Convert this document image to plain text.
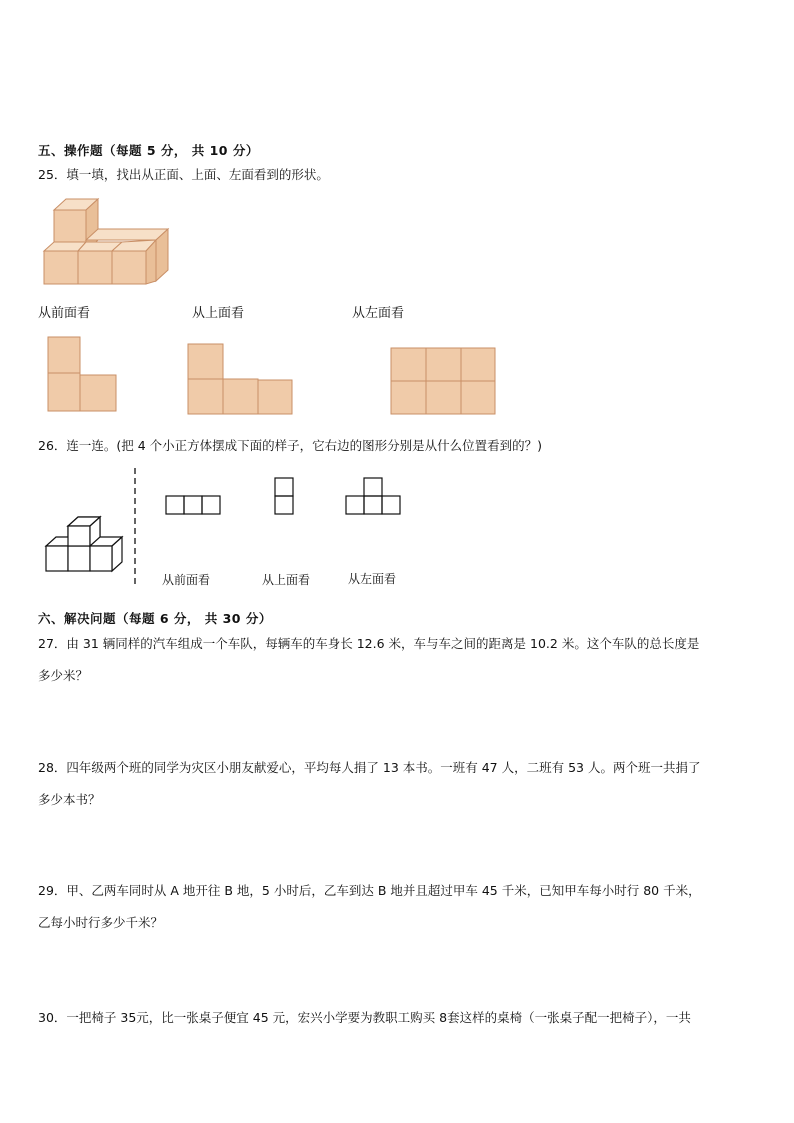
五、操作题（每题 5 分， 共 10 分）
25．填一填，找出从正面、上面、左面看到的形状。
从前面看	从上面看	从左面看
26．连一连。(把 4 个小正方体摆成下面的样子，它右边的图形分别是从什么位置看到的？)
从前面看	从上面看	从左面看
六、解决问题（每题 6 分， 共 30 分）
27．由 31 辆同样的汽车组成一个车队，每辆车的车身长 12.6 米，车与车之间的距离是 10.2 米。这个车队的总长度是
多少米？
28．四年级两个班的同学为灾区小朋友献爱心，平均每人捐了 13 本书。一班有 47 人，二班有 53 人。两个班一共捐了
多少本书？
29．甲、乙两车同时从 A 地开往 B 地，5 小时后，乙车到达 B 地并且超过甲车 45 千米，已知甲车每小时行 80 千米，
乙每小时行多少千米？
30．一把椅子 35元，比一张桌子便宜 45 元，宏兴小学要为教职工购买 8套这样的桌椅（一张桌子配一把椅子），一共
